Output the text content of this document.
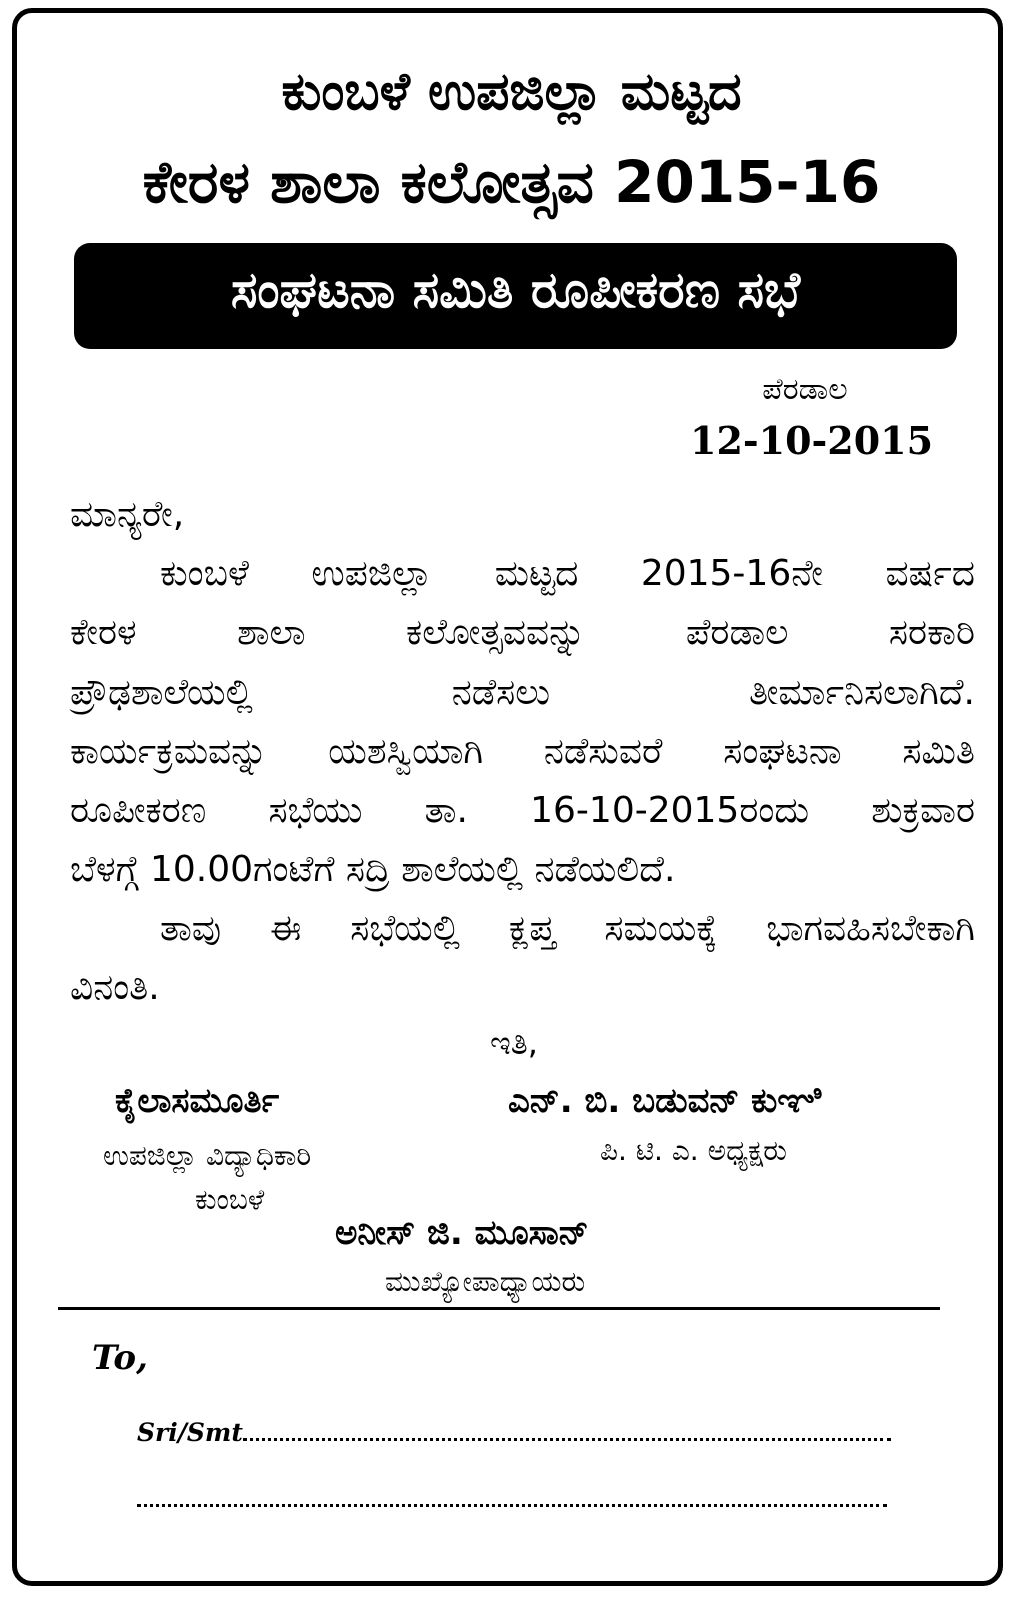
ಕುಂಬಳೆ ಉಪಜಿಲ್ಲಾ ಮಟ್ಟದ
ಕೇರಳ ಶಾಲಾ ಕಲೋತ್ಸವ 2015-16
ಸಂಘಟನಾ ಸಮಿತಿ ರೂಪೀಕರಣ ಸಭೆ
ಪೆರಡಾಲ
12-10-2015
ಮಾನ್ಯರೇ,
ಕುಂಬಳೆ ಉಪಜಿಲ್ಲಾ ಮಟ್ಟದ 2015-16ನೇ ವರ್ಷದ
ಕೇರಳ ಶಾಲಾ ಕಲೋತ್ಸವವನ್ನು ಪೆರಡಾಲ ಸರಕಾರಿ
ಪ್ರೌಢಶಾಲೆಯಲ್ಲಿ ನಡೆಸಲು ತೀರ್ಮಾನಿಸಲಾಗಿದೆ.
ಕಾರ್ಯಕ್ರಮವನ್ನು ಯಶಸ್ವಿಯಾಗಿ ನಡೆಸುವರೆ ಸಂಘಟನಾ ಸಮಿತಿ
ರೂಪೀಕರಣ ಸಭೆಯು ತಾ. 16-10-2015ರಂದು ಶುಕ್ರವಾರ
ಬೆಳಗ್ಗೆ 10.00ಗಂಟೆಗೆ ಸದ್ರಿ ಶಾಲೆಯಲ್ಲಿ ನಡೆಯಲಿದೆ.
ತಾವು ಈ ಸಭೆಯಲ್ಲಿ ಕ್ಲಪ್ತ ಸಮಯಕ್ಕೆ ಭಾಗವಹಿಸಬೇಕಾಗಿ
ವಿನಂತಿ.
ಇತಿ,
ಕೈಲಾಸಮೂರ್ತಿ
ಉಪಜಿಲ್ಲಾ ವಿದ್ಯಾಧಿಕಾರಿ
ಕುಂಬಳೆ
ಎನ್. ಬಿ. ಬಡುವನ್ ಕುಞಿ
ಪಿ. ಟಿ. ಎ. ಅಧ್ಯಕ್ಷರು
ಅನೀಸ್ ಜಿ. ಮೂಸಾನ್
ಮುಖ್ಯೋಪಾಧ್ಯಾಯರು
To,
Sri/Smt
